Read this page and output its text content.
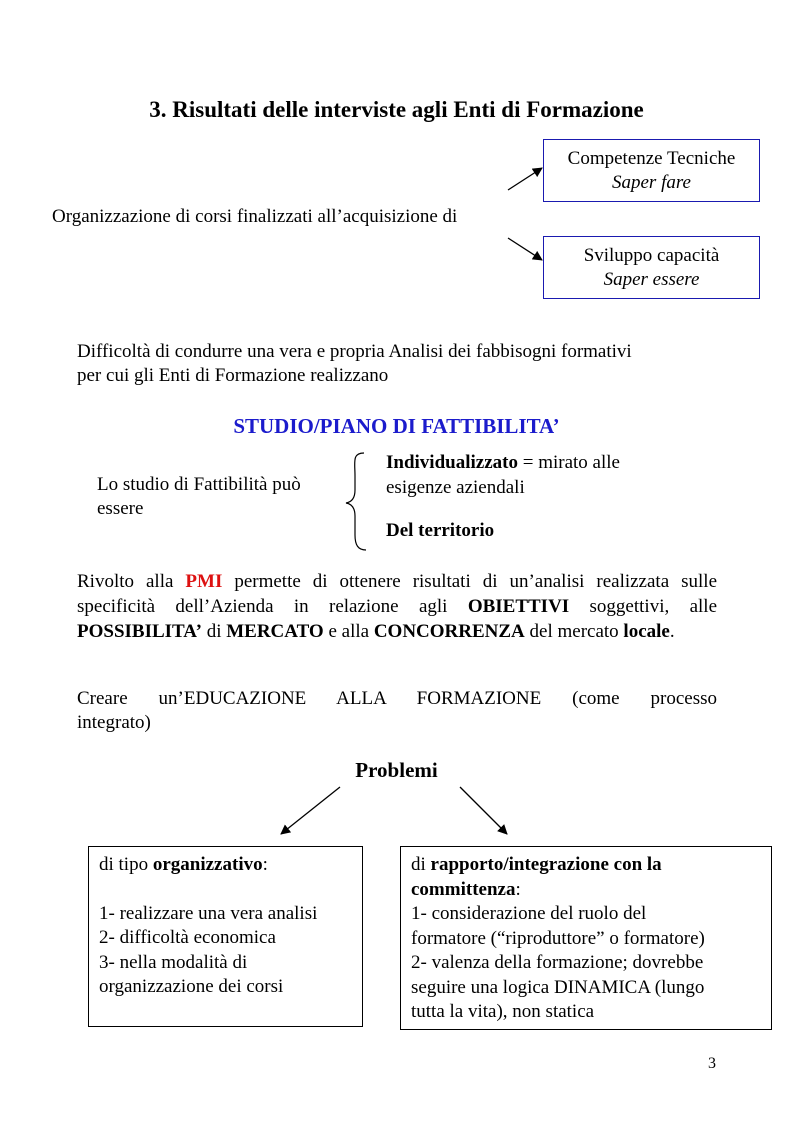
3. Risultati delle interviste agli Enti di Formazione
Competenze Tecniche
Saper fare
Sviluppo capacità
Saper essere
Organizzazione di corsi finalizzati all’acquisizione di
Difficoltà di condurre una vera e propria Analisi dei fabbisogni formativi
per cui gli Enti di Formazione realizzano
STUDIO/PIANO DI FATTIBILITA’
Lo studio di Fattibilità può
essere
Individualizzato = mirato alle
esigenze aziendali
Del territorio
Rivolto alla PMI permette di ottenere risultati di un’analisi realizzata sulle specificità dell’Azienda in relazione agli OBIETTIVI soggettivi, alle POSSIBILITA’ di MERCATO e alla CONCORRENZA del mercato locale.
Creare un’EDUCAZIONE ALLA FORMAZIONE (come processo
integrato)
Problemi

di tipo organizzativo:

1- realizzare una vera analisi

2- difficoltà economica

3- nella modalità di

organizzazione dei corsi

di rapporto/integrazione con la

committenza:

1- considerazione del ruolo del

formatore (“riproduttore” o formatore)

2- valenza della formazione; dovrebbe

seguire una logica DINAMICA (lungo

tutta la vita), non statica

3
